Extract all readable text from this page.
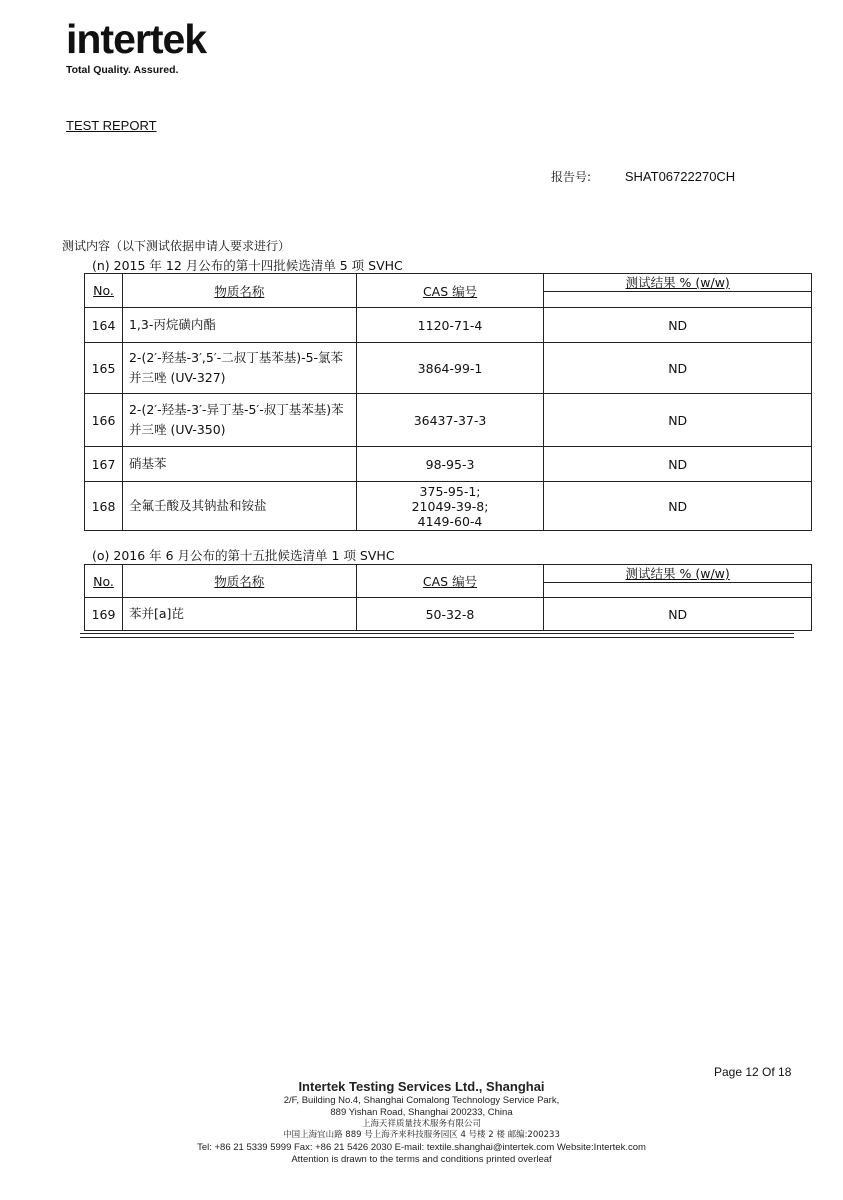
intertek
Total Quality. Assured.
TEST REPORT
报告号:	SHAT06722270CH
测试内容（以下测试依据申请人要求进行）
(n) 2015 年 12 月公布的第十四批候选清单 5 项 SVHC
No.	物质名称	CAS 编号	测试结果 % (w/w)

164	1,3-丙烷磺内酯	1120-71-4	ND
165	2-(2′-羟基-3′,5′-二叔丁基苯基)-5-氯苯并三唑 (UV-327)	3864-99-1	ND
166	2-(2′-羟基-3′-异丁基-5′-叔丁基苯基)苯并三唑 (UV-350)	36437-37-3	ND
167	硝基苯	98-95-3	ND
168	全氟壬酸及其钠盐和铵盐	375-95-1;
21049-39-8;
4149-60-4	ND
(o) 2016 年 6 月公布的第十五批候选清单 1 项 SVHC
No.	物质名称	CAS 编号	测试结果 % (w/w)

169	苯并[a]芘	50-32-8	ND
Page 12 Of 18
Intertek Testing Services Ltd., Shanghai
2/F, Building No.4, Shanghai Comalong Technology Service Park,
889 Yishan Road, Shanghai 200233, China
上海天祥质量技术服务有限公司
中国上海宜山路 889 号上海齐来科技服务园区 4 号楼 2 楼 邮编:200233
Tel: +86 21 5339 5999 Fax: +86 21 5426 2030 E-mail: textile.shanghai@intertek.com Website:Intertek.com
Attention is drawn to the terms and conditions printed overleaf
